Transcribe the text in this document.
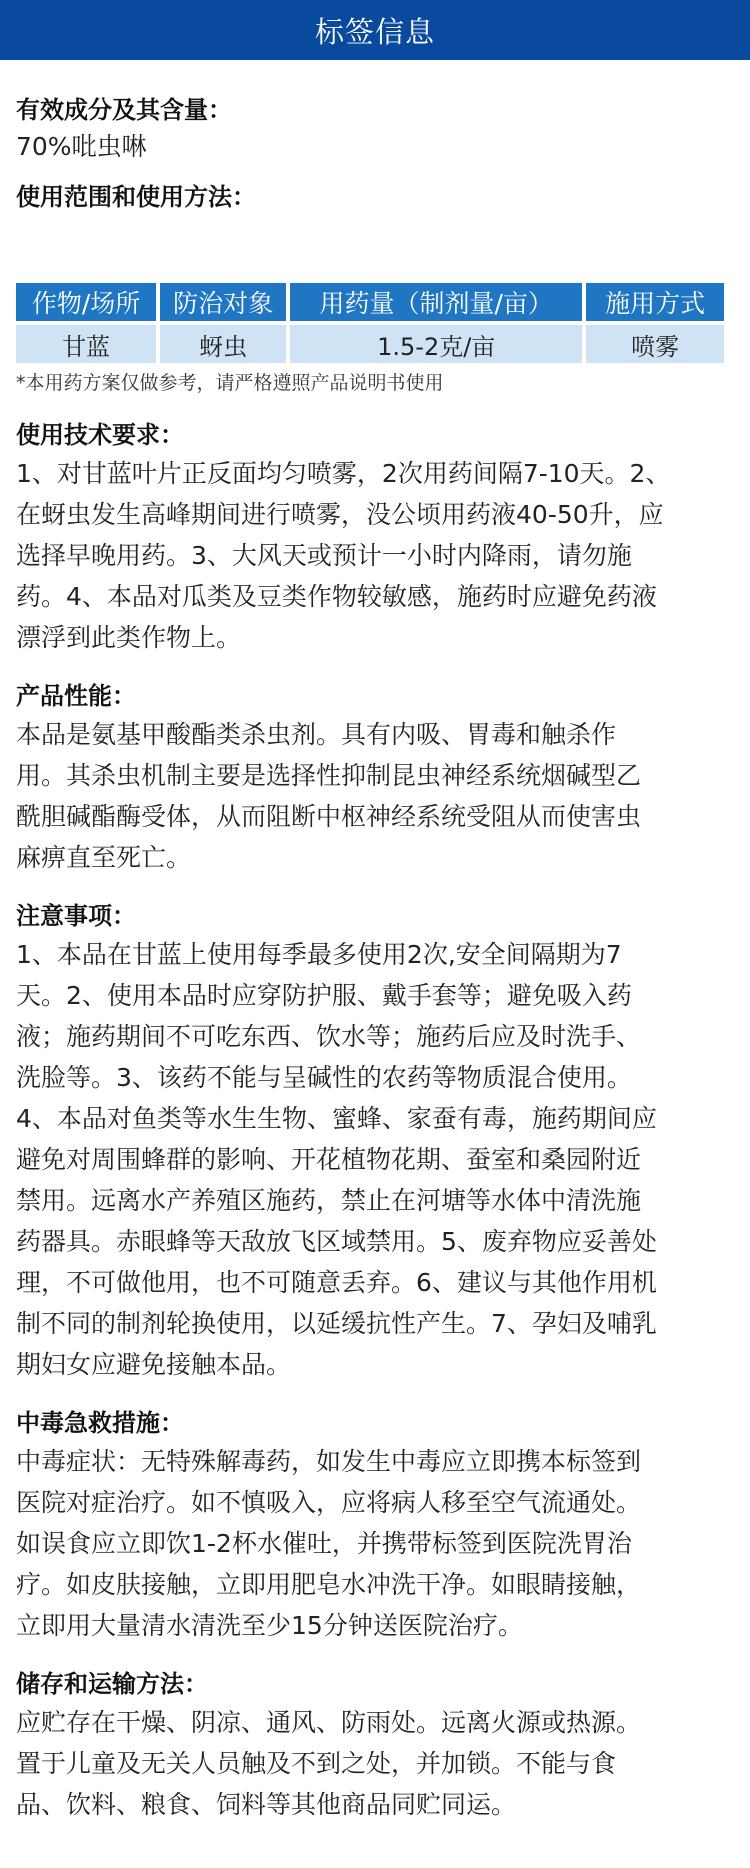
标签信息
有效成分及其含量：
70%吡虫啉
使用范围和使用方法：
作物/场所	防治对象	用药量（制剂量/亩）	施用方式
甘蓝	蚜虫	1.5-2克/亩	喷雾
*本用药方案仅做参考，请严格遵照产品说明书使用
使用技术要求：
1、对甘蓝叶片正反面均匀喷雾，2次用药间隔7-10天。2、
在蚜虫发生高峰期间进行喷雾，没公顷用药液40-50升，应
选择早晚用药。3、大风天或预计一小时内降雨，请勿施
药。4、本品对瓜类及豆类作物较敏感，施药时应避免药液
漂浮到此类作物上。
产品性能：
本品是氨基甲酸酯类杀虫剂。具有内吸、胃毒和触杀作
用。其杀虫机制主要是选择性抑制昆虫神经系统烟碱型乙
酰胆碱酯酶受体，从而阻断中枢神经系统受阻从而使害虫
麻痹直至死亡。
注意事项：
1、本品在甘蓝上使用每季最多使用2次,安全间隔期为7
天。2、使用本品时应穿防护服、戴手套等；避免吸入药
液；施药期间不可吃东西、饮水等；施药后应及时洗手、
洗脸等。3、该药不能与呈碱性的农药等物质混合使用。
4、本品对鱼类等水生生物、蜜蜂、家蚕有毒，施药期间应
避免对周围蜂群的影响、开花植物花期、蚕室和桑园附近
禁用。远离水产养殖区施药，禁止在河塘等水体中清洗施
药器具。赤眼蜂等天敌放飞区域禁用。5、废弃物应妥善处
理，不可做他用，也不可随意丢弃。6、建议与其他作用机
制不同的制剂轮换使用，以延缓抗性产生。7、孕妇及哺乳
期妇女应避免接触本品。
中毒急救措施：
中毒症状：无特殊解毒药，如发生中毒应立即携本标签到
医院对症治疗。如不慎吸入，应将病人移至空气流通处。
如误食应立即饮1-2杯水催吐，并携带标签到医院洗胃治
疗。如皮肤接触，立即用肥皂水冲洗干净。如眼睛接触，
立即用大量清水清洗至少15分钟送医院治疗。
储存和运输方法：
应贮存在干燥、阴凉、通风、防雨处。远离火源或热源。
置于儿童及无关人员触及不到之处，并加锁。不能与食
品、饮料、粮食、饲料等其他商品同贮同运。
